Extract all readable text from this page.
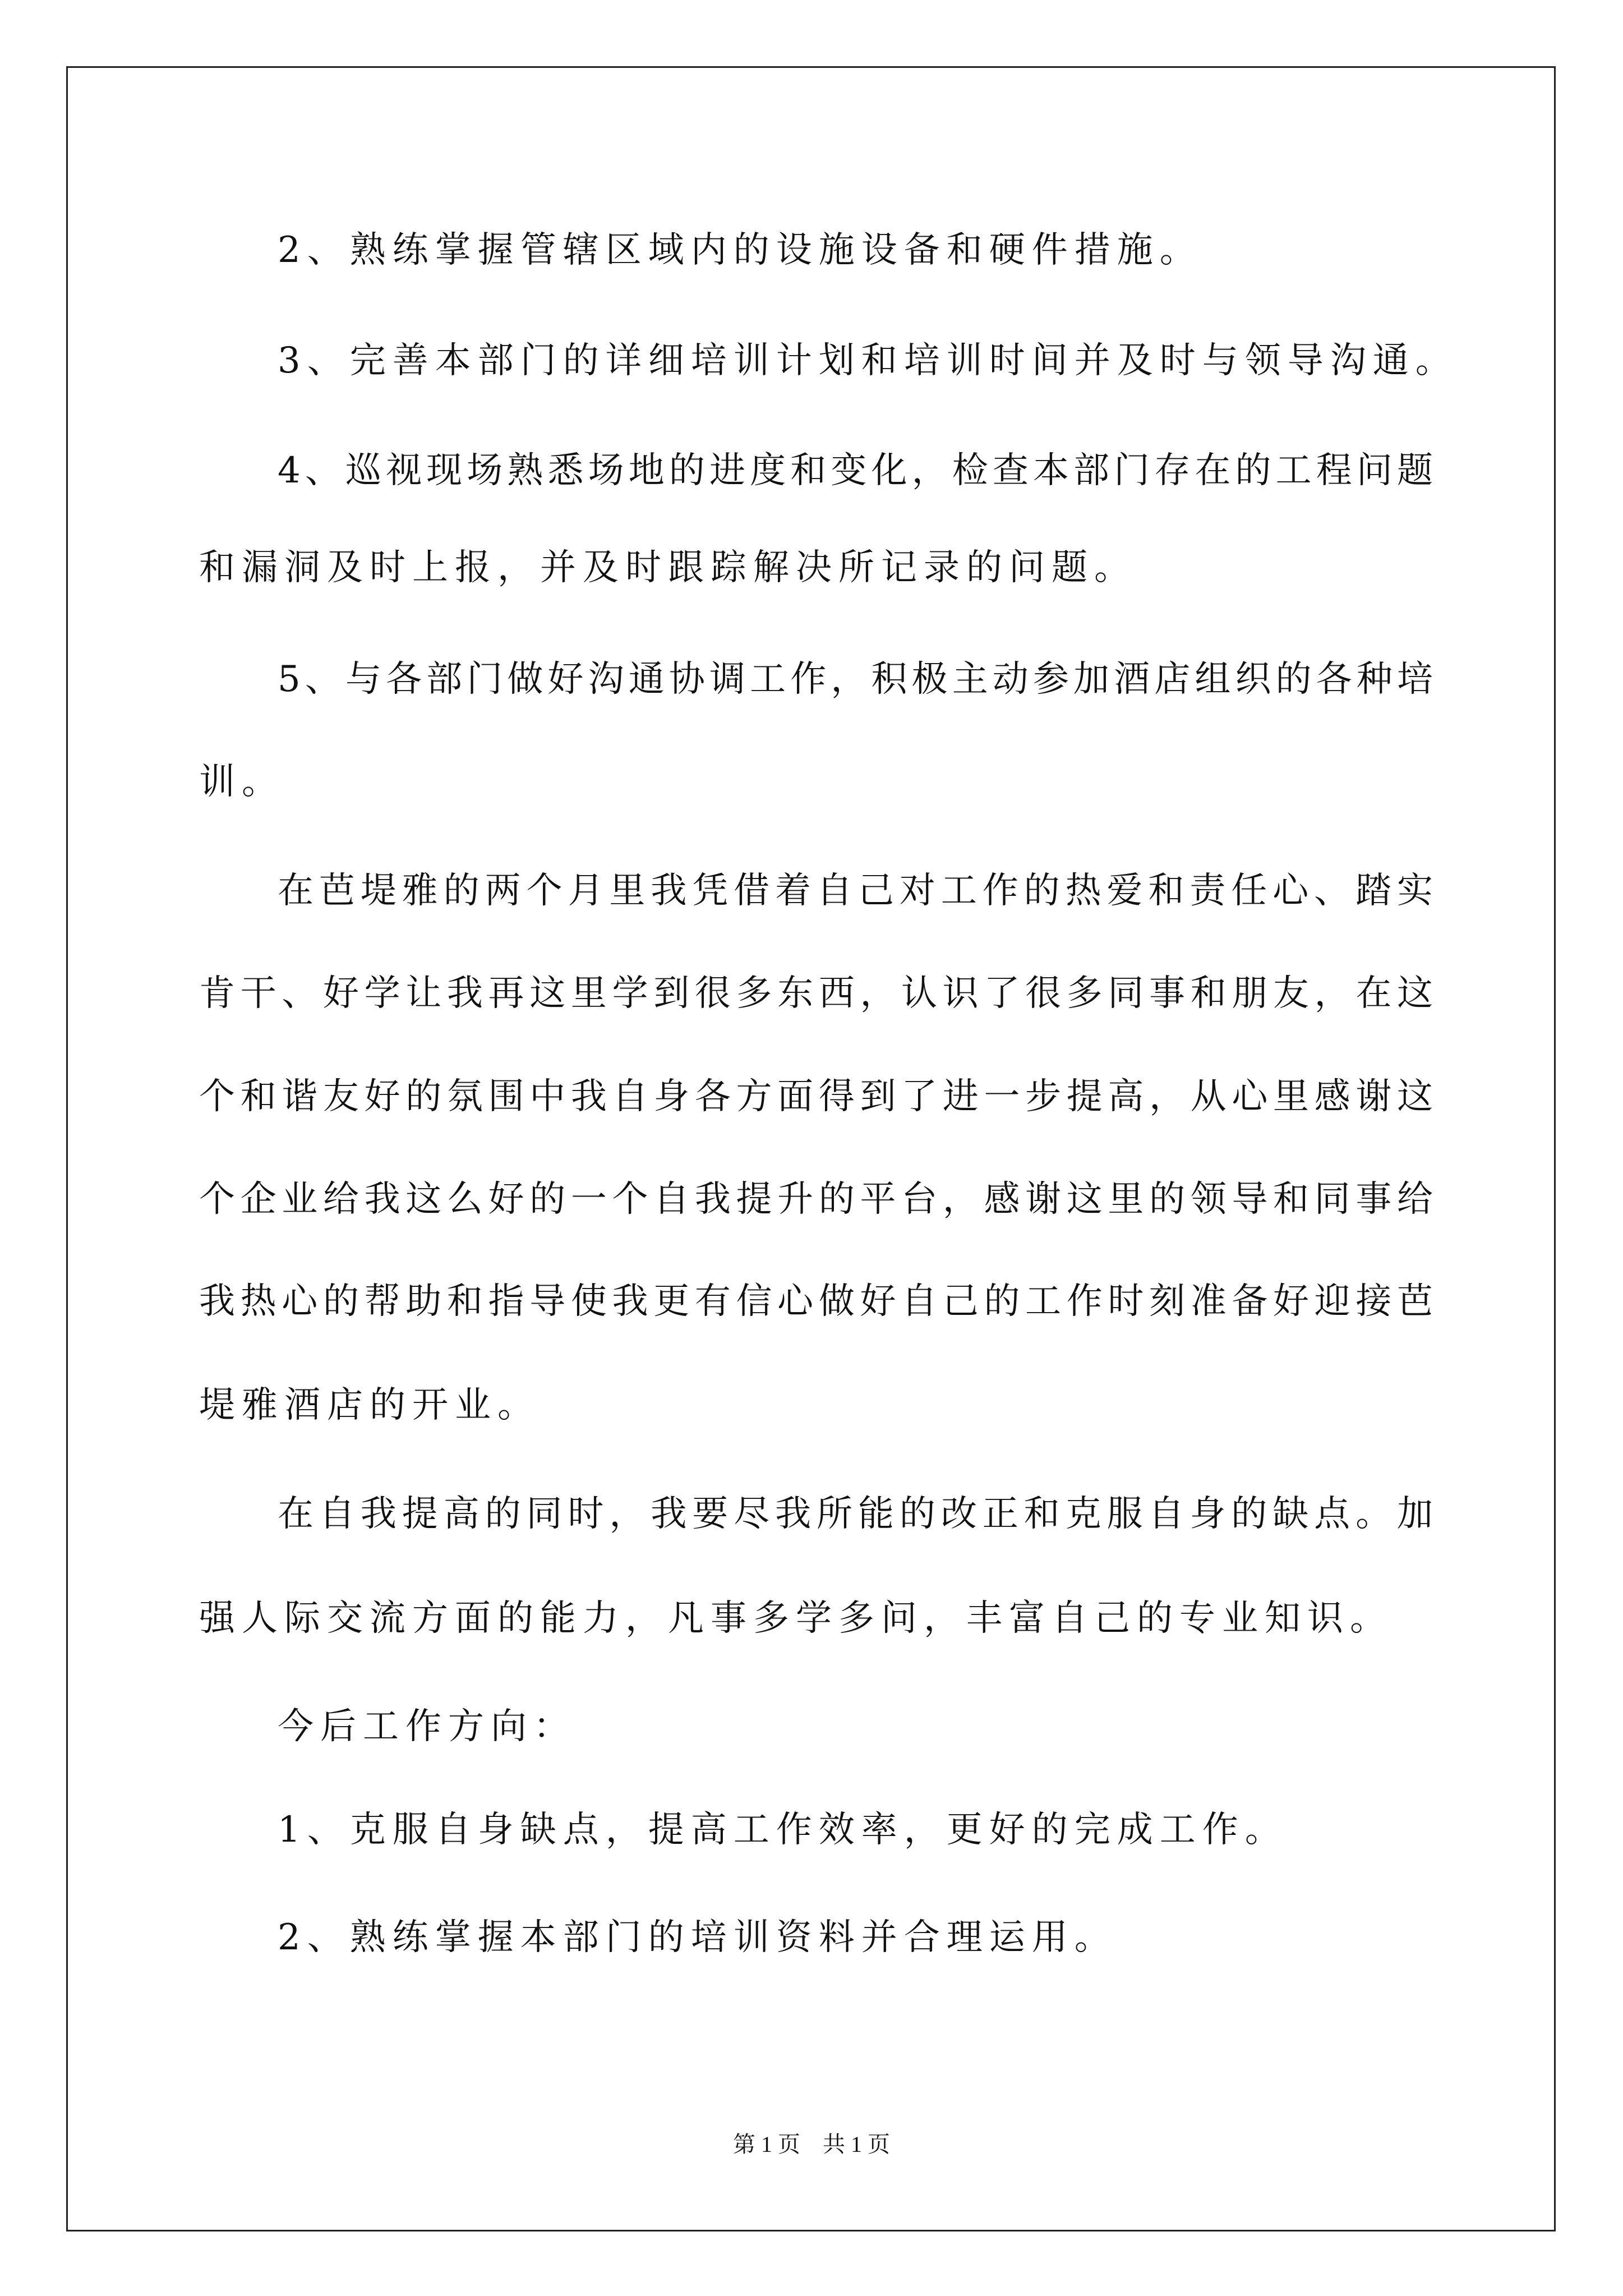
2、熟练掌握管辖区域内的设施设备和硬件措施。
3、完善本部门的详细培训计划和培训时间并及时与领导沟通。
4、巡视现场熟悉场地的进度和变化，检查本部门存在的工程问题
和漏洞及时上报，并及时跟踪解决所记录的问题。
5、与各部门做好沟通协调工作，积极主动参加酒店组织的各种培
训。
在芭堤雅的两个月里我凭借着自己对工作的热爱和责任心、踏实
肯干、好学让我再这里学到很多东西，认识了很多同事和朋友，在这
个和谐友好的氛围中我自身各方面得到了进一步提高，从心里感谢这
个企业给我这么好的一个自我提升的平台，感谢这里的领导和同事给
我热心的帮助和指导使我更有信心做好自己的工作时刻准备好迎接芭
堤雅酒店的开业。
在自我提高的同时，我要尽我所能的改正和克服自身的缺点。加
强人际交流方面的能力，凡事多学多问，丰富自己的专业知识。
今后工作方向：
1、克服自身缺点，提高工作效率，更好的完成工作。
2、熟练掌握本部门的培训资料并合理运用。
第 1 页　共 1 页
